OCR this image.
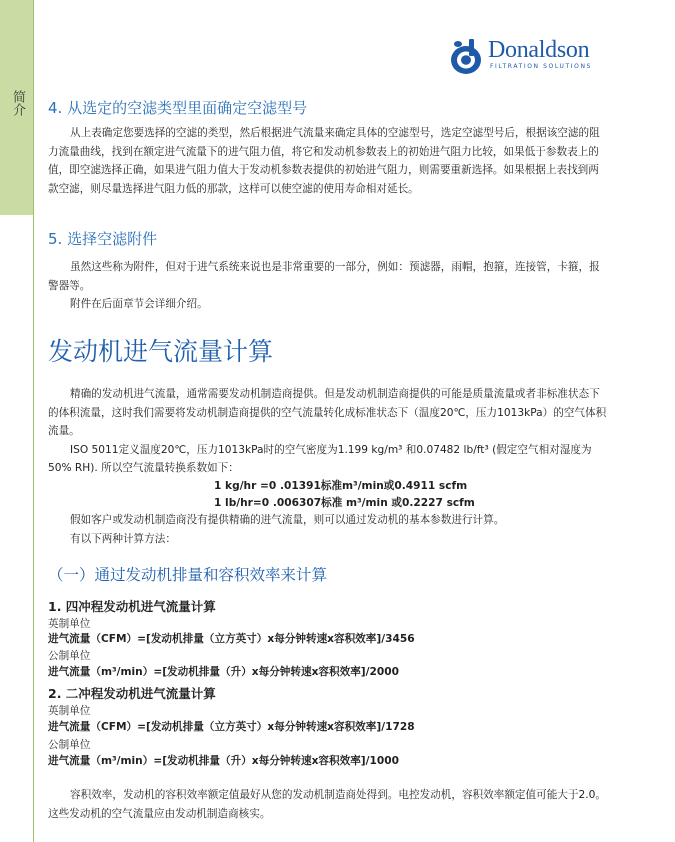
简介
Donaldson
FILTRATION SOLUTIONS
4. 从选定的空滤类型里面确定空滤型号

从上表确定您要选择的空滤的类型，然后根据进气流量来确定具体的空滤型号，选定空滤型号后，根据该空滤的阻力流量曲线，找到在额定进气流量下的进气阻力值，将它和发动机参数表上的初始进气阻力比较，如果低于参数表上的值，即空滤选择正确，如果进气阻力值大于发动机参数表提供的初始进气阻力，则需要重新选择。如果根据上表找到两款空滤，则尽量选择进气阻力低的那款，这样可以使空滤的使用寿命相对延长。

5. 选择空滤附件

虽然这些称为附件，但对于进气系统来说也是非常重要的一部分，例如：预滤器，雨帽，抱箍，连接管，卡箍，报警器等。

附件在后面章节会详细介绍。

发动机进气流量计算

精确的发动机进气流量，通常需要发动机制造商提供。但是发动机制造商提供的可能是质量流量或者非标准状态下的体积流量，这时我们需要将发动机制造商提供的空气流量转化成标准状态下（温度20℃，压力1013kPa）的空气体积流量。

ISO 5011定义温度20℃，压力1013kPa时的空气密度为1.199 kg/m³ 和0.07482 lb/ft³ (假定空气相对湿度为50% RH). 所以空气流量转换系数如下：

1 kg/hr =0 .01391标准m³/min或0.4911 scfm
1 lb/hr=0 .006307标准 m³/min 或0.2227 scfm

假如客户或发动机制造商没有提供精确的进气流量，则可以通过发动机的基本参数进行计算。

有以下两种计算方法：

（一）通过发动机排量和容积效率来计算
1. 四冲程发动机进气流量计算
英制单位
进气流量（CFM）=[发动机排量（立方英寸）x每分钟转速x容积效率]/3456
公制单位
进气流量（m³/min）=[发动机排量（升）x每分钟转速x容积效率]/2000
2. 二冲程发动机进气流量计算
英制单位
进气流量（CFM）=[发动机排量（立方英寸）x每分钟转速x容积效率]/1728
公制单位
进气流量（m³/min）=[发动机排量（升）x每分钟转速x容积效率]/1000

容积效率，发动机的容积效率额定值最好从您的发动机制造商处得到。电控发动机，容积效率额定值可能大于2.0。这些发动机的空气流量应由发动机制造商核实。
